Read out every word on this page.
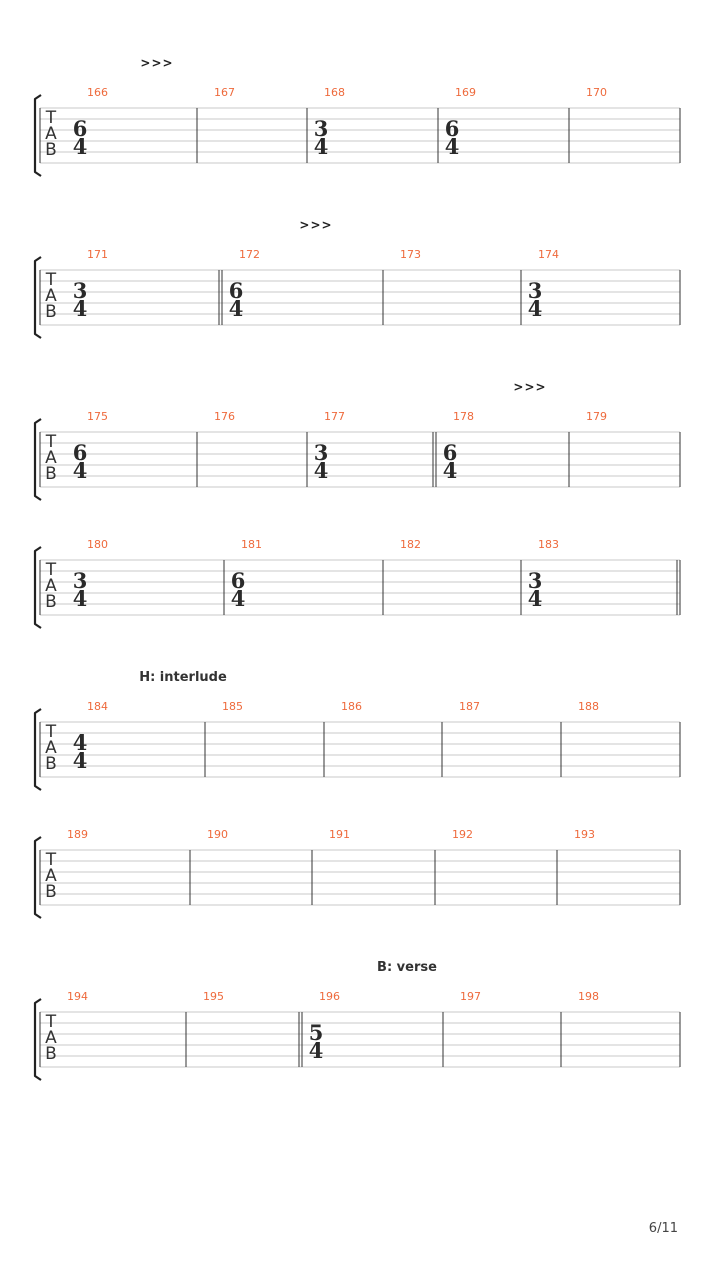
T
A
B
166
6
4
167	168
3
4
169
6
4
170
>>>
T
A
B
171
3
4
172
6
4
173	174
3
4
>>>
T
A
B
175
6
4
176	177
3
4
178
6
4
179
>>>
T
A
B
180
3
4
181
6
4
182	183
3
4
T
A
B
184
4
4
185	186	187	188
H: interlude
T
A
B
189	190	191	192	193
T
A
B
194	195	196
5
4
197	198
B: verse
6/11
